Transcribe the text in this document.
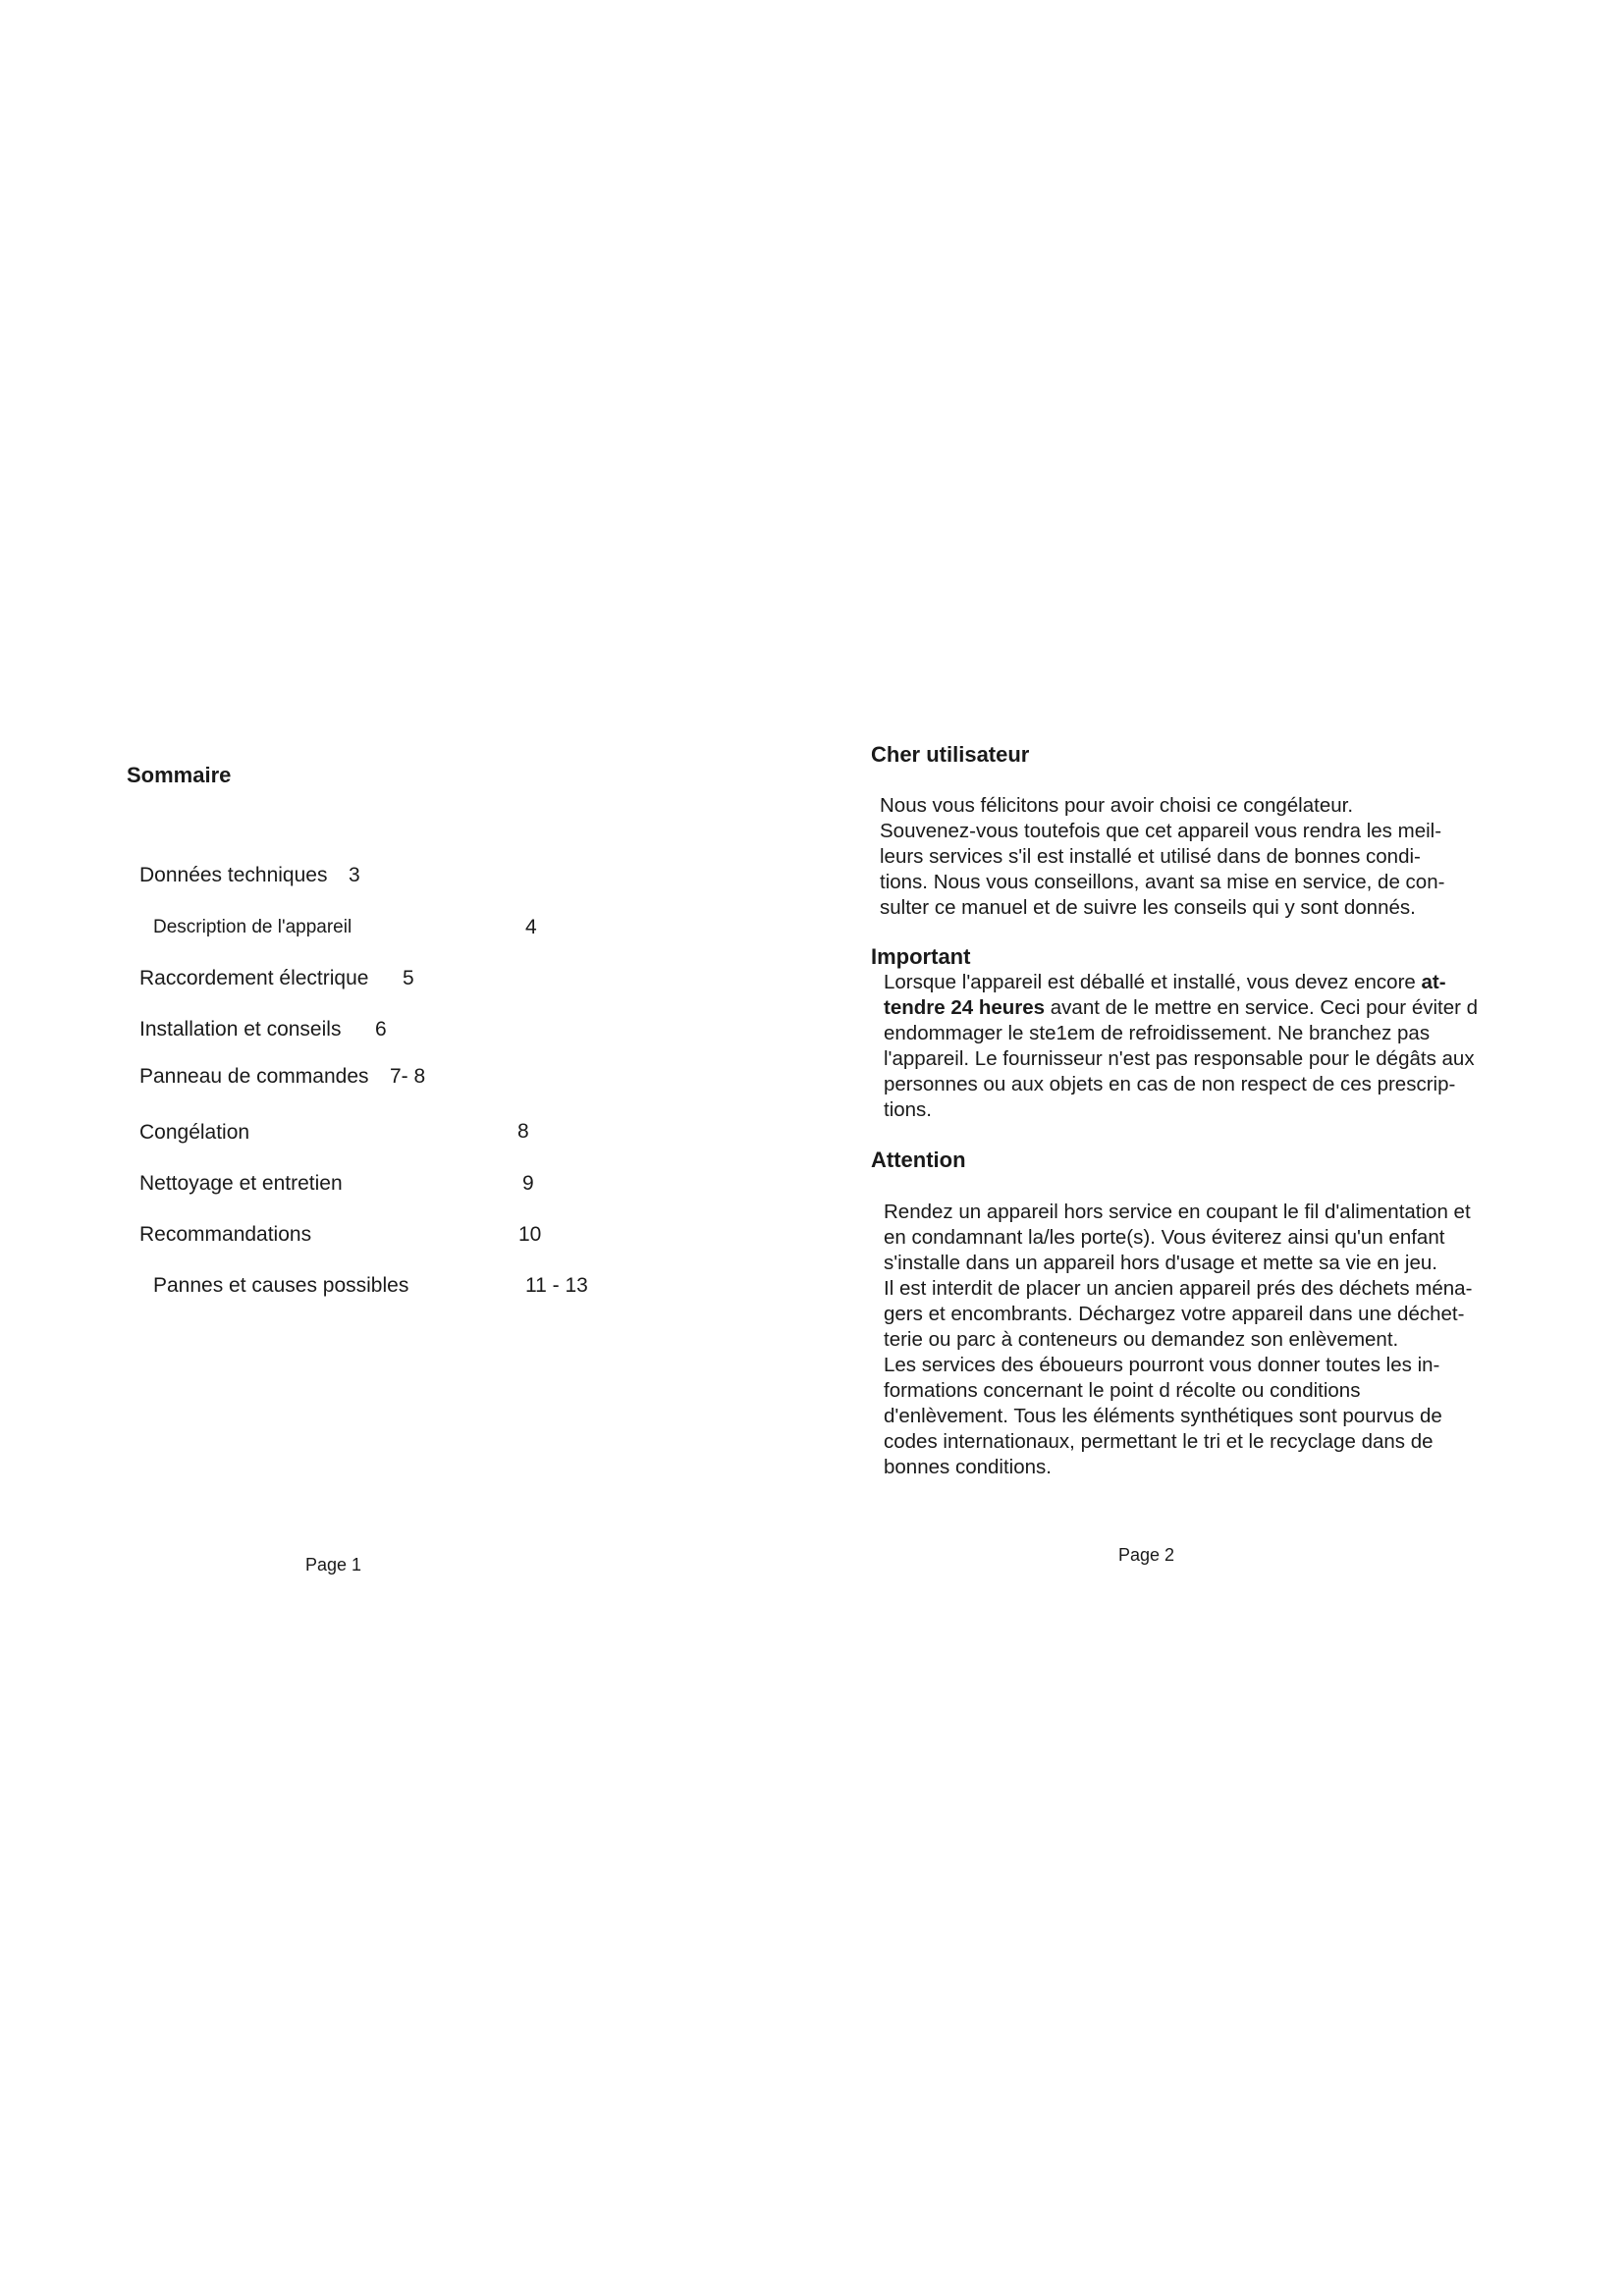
Sommaire
Données techniques 3
Description de l'appareil	4
Raccordement électrique 5
Installation et conseils 6
Panneau de commandes 7- 8
Congélation	8
Nettoyage et entretien	9
Recommandations	10
Pannes et causes possibles	11 - 13
Page 1
Cher utilisateur
Nous vous félicitons pour avoir choisi ce congélateur.
Souvenez-vous toutefois que cet appareil vous rendra les meil-
leurs services s'il est installé et utilisé dans de bonnes condi-
tions. Nous vous conseillons, avant sa mise en service, de con-
sulter ce manuel et de suivre les conseils qui y sont donnés.
Important
Lorsque l'appareil est déballé et installé, vous devez encore at-
tendre 24 heures avant de le mettre en service. Ceci pour éviter d
endommager le ste1em de refroidissement. Ne branchez pas
l'appareil. Le fournisseur n'est pas responsable pour le dégâts aux
personnes ou aux objets en cas de non respect de ces prescrip-
tions.
Attention
Rendez un appareil hors service en coupant le fil d'alimentation et
en condamnant la/les porte(s). Vous éviterez ainsi qu'un enfant
s'installe dans un appareil hors d'usage et mette sa vie en jeu.
Il est interdit de placer un ancien appareil prés des déchets ména-
gers et encombrants. Déchargez votre appareil dans une déchet-
terie ou parc à conteneurs ou demandez son enlèvement.
Les services des éboueurs pourront vous donner toutes les in-
formations concernant le point d récolte ou conditions
d'enlèvement. Tous les éléments synthétiques sont pourvus de
codes internationaux, permettant le tri et le recyclage dans de
bonnes conditions.
Page 2
